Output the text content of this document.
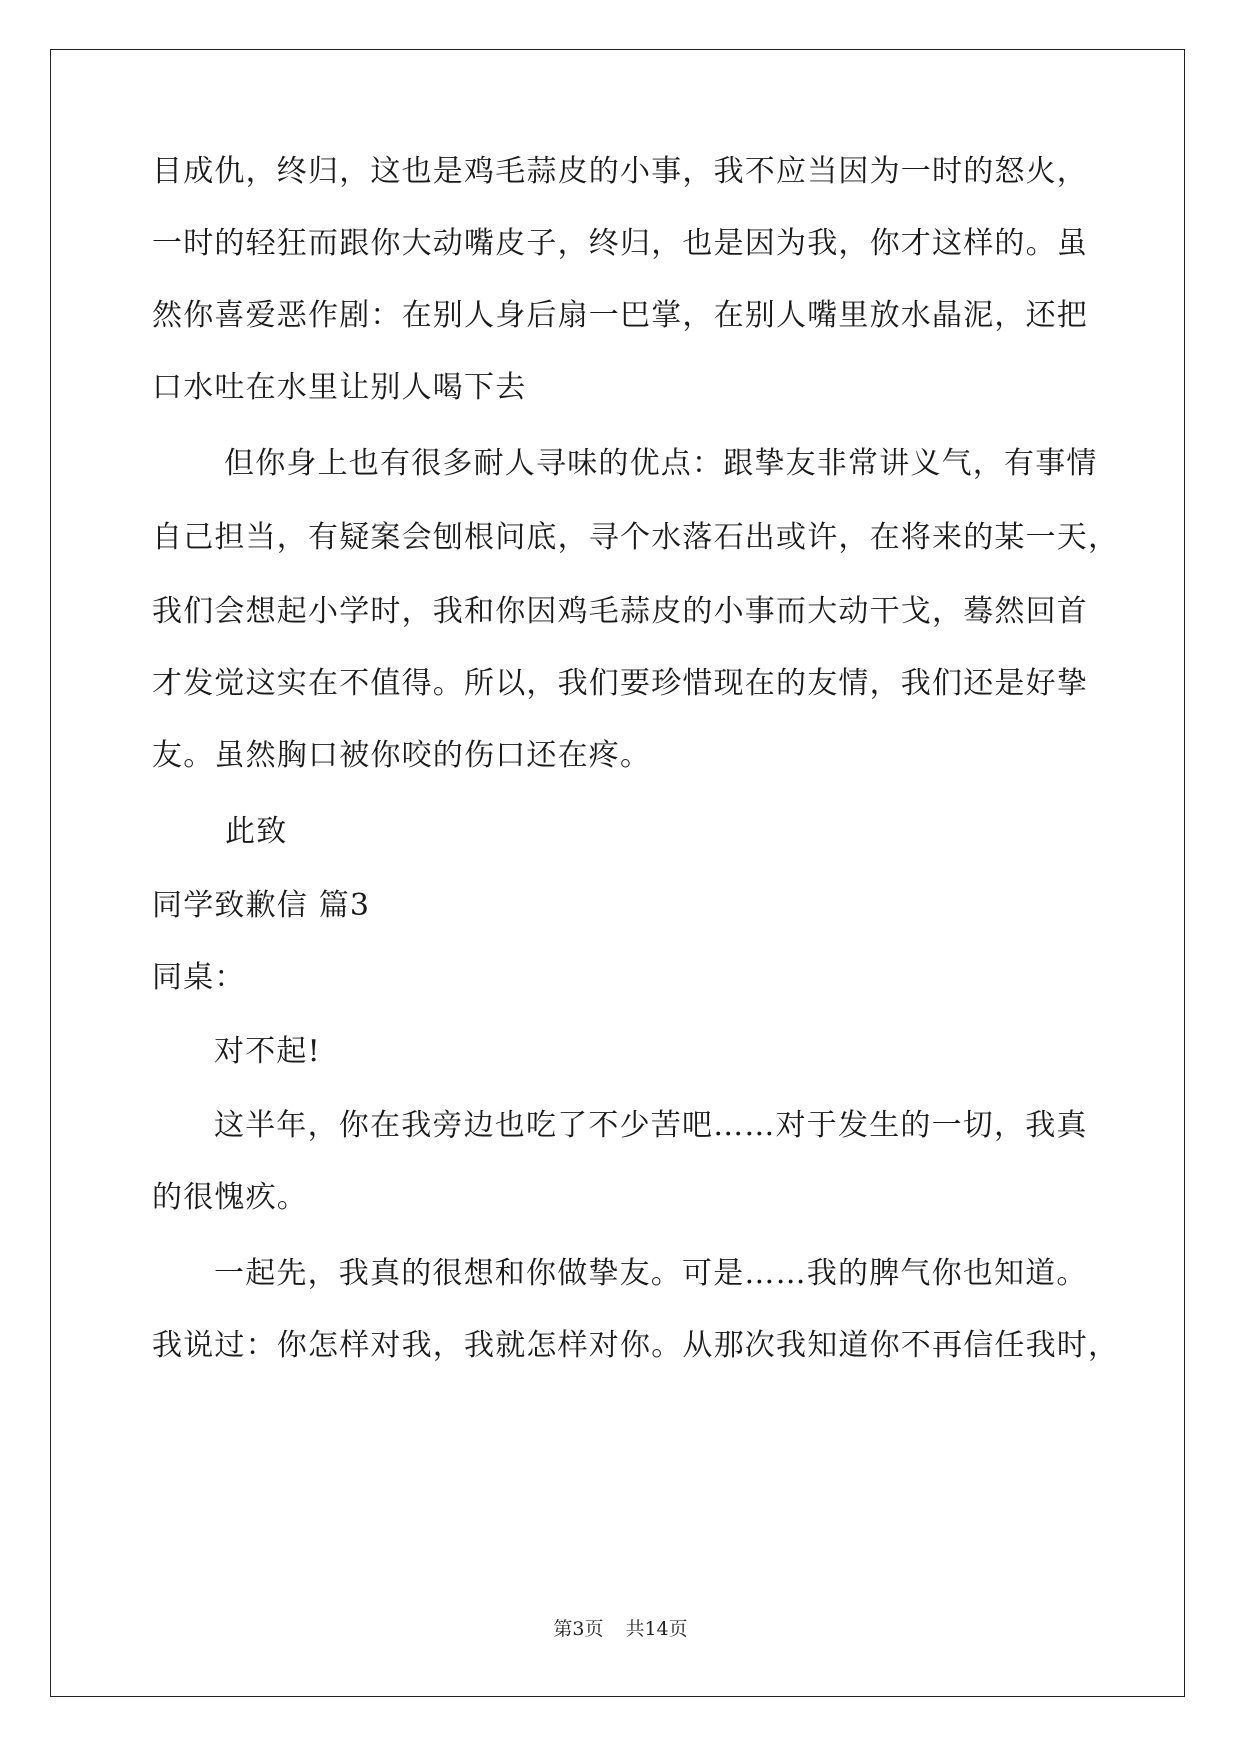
目成仇，终归，这也是鸡毛蒜皮的小事，我不应当因为一时的怒火，
一时的轻狂而跟你大动嘴皮子，终归，也是因为我，你才这样的。虽
然你喜爱恶作剧：在别人身后扇一巴掌，在别人嘴里放水晶泥，还把
口水吐在水里让别人喝下去
但你身上也有很多耐人寻味的优点：跟挚友非常讲义气，有事情
自己担当，有疑案会刨根问底，寻个水落石出或许，在将来的某一天，
我们会想起小学时，我和你因鸡毛蒜皮的小事而大动干戈，蓦然回首
才发觉这实在不值得。所以，我们要珍惜现在的友情，我们还是好挚
友。虽然胸口被你咬的伤口还在疼。
此致
同学致歉信 篇3
同桌：
对不起!
这半年，你在我旁边也吃了不少苦吧……对于发生的一切，我真
的很愧疚。
一起先，我真的很想和你做挚友。可是……我的脾气你也知道。
我说过：你怎样对我，我就怎样对你。从那次我知道你不再信任我时，
第3页 共14页
